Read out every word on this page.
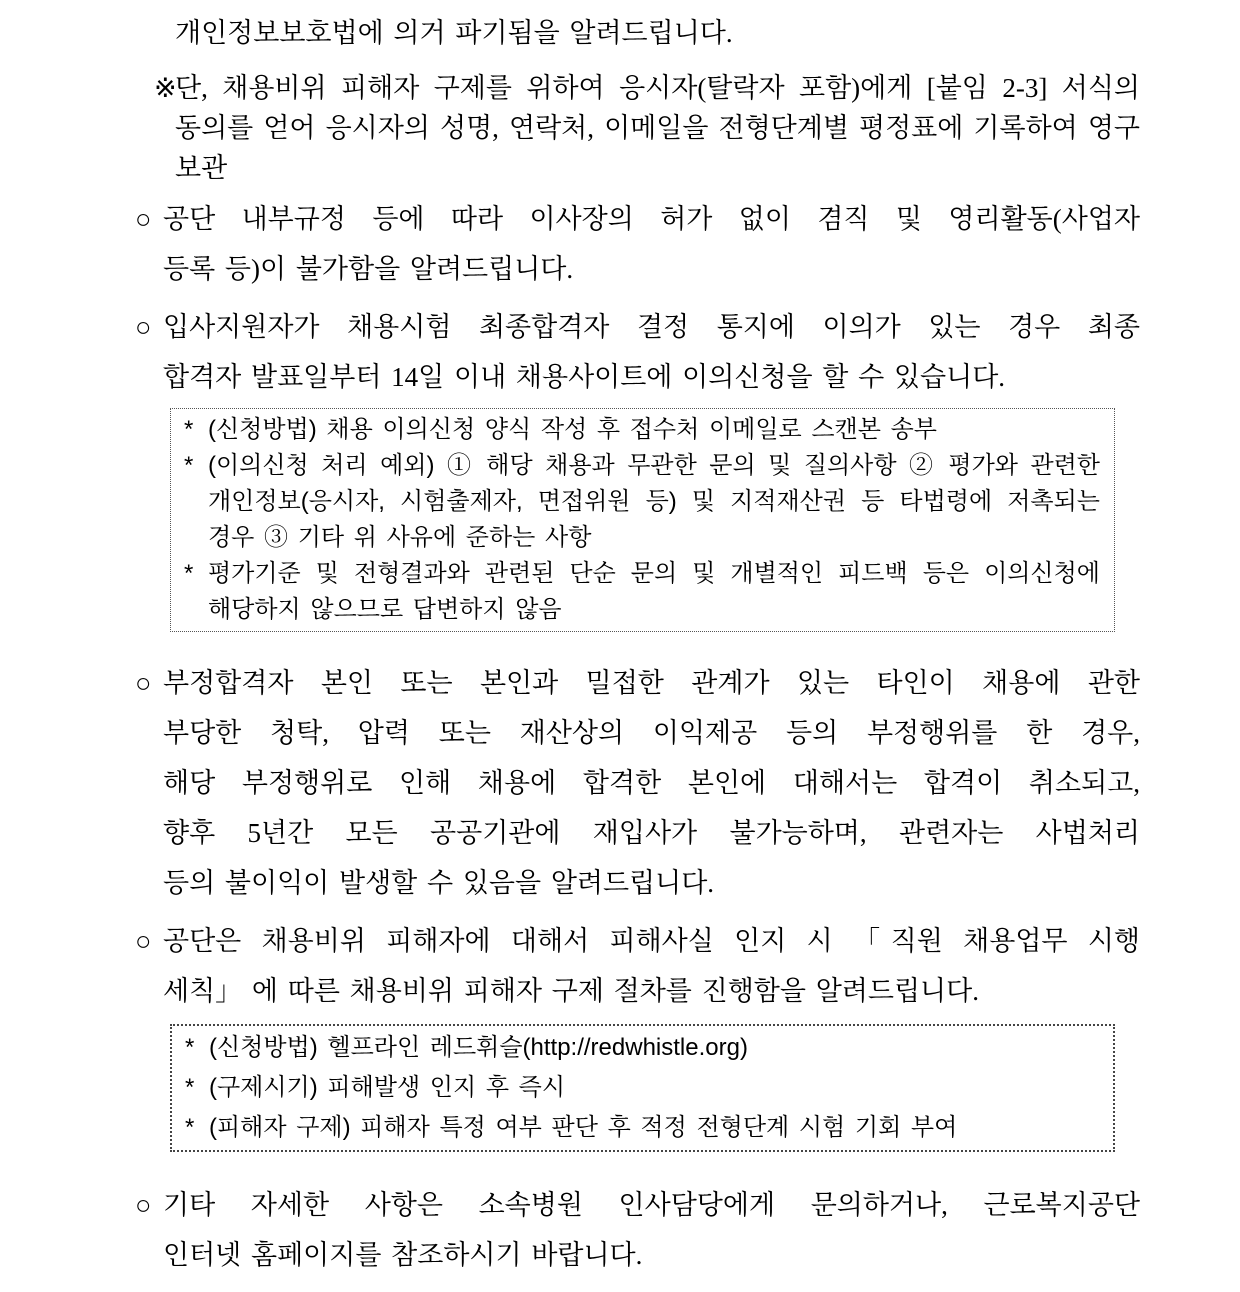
개인정보보호법에 의거 파기됨을 알려드립니다.
※
단, 채용비위 피해자 구제를 위하여 응시자(탈락자 포함)에게 [붙임 2-3] 서식의
동의를 얻어 응시자의 성명, 연락처, 이메일을 전형단계별 평정표에 기록하여 영구
보관
○ 공단 내부규정 등에 따라 이사장의 허가 없이 겸직 및 영리활동(사업자
등록 등)이 불가함을 알려드립니다.
○ 입사지원자가 채용시험 최종합격자 결정 통지에 이의가 있는 경우 최종
합격자 발표일부터 14일 이내 채용사이트에 이의신청을 할 수 있습니다.
* (신청방법) 채용 이의신청 양식 작성 후 접수처 이메일로 스캔본 송부
* (이의신청 처리 예외) ① 해당 채용과 무관한 문의 및 질의사항 ② 평가와 관련한
개인정보(응시자, 시험출제자, 면접위원 등) 및 지적재산권 등 타법령에 저촉되는
경우 ③ 기타 위 사유에 준하는 사항
* 평가기준 및 전형결과와 관련된 단순 문의 및 개별적인 피드백 등은 이의신청에
해당하지 않으므로 답변하지 않음
○ 부정합격자 본인 또는 본인과 밀접한 관계가 있는 타인이 채용에 관한
부당한 청탁, 압력 또는 재산상의 이익제공 등의 부정행위를 한 경우,
해당 부정행위로 인해 채용에 합격한 본인에 대해서는 합격이 취소되고,
향후 5년간 모든 공공기관에 재입사가 불가능하며, 관련자는 사법처리
등의 불이익이 발생할 수 있음을 알려드립니다.
○ 공단은 채용비위 피해자에 대해서 피해사실 인지 시 「직원 채용업무 시행
세칙」 에 따른 채용비위 피해자 구제 절차를 진행함을 알려드립니다.
* (신청방법) 헬프라인 레드휘슬(http://redwhistle.org)
* (구제시기) 피해발생 인지 후 즉시
* (피해자 구제) 피해자 특정 여부 판단 후 적정 전형단계 시험 기회 부여
○ 기타 자세한 사항은 소속병원 인사담당에게 문의하거나, 근로복지공단
인터넷 홈페이지를 참조하시기 바랍니다.
